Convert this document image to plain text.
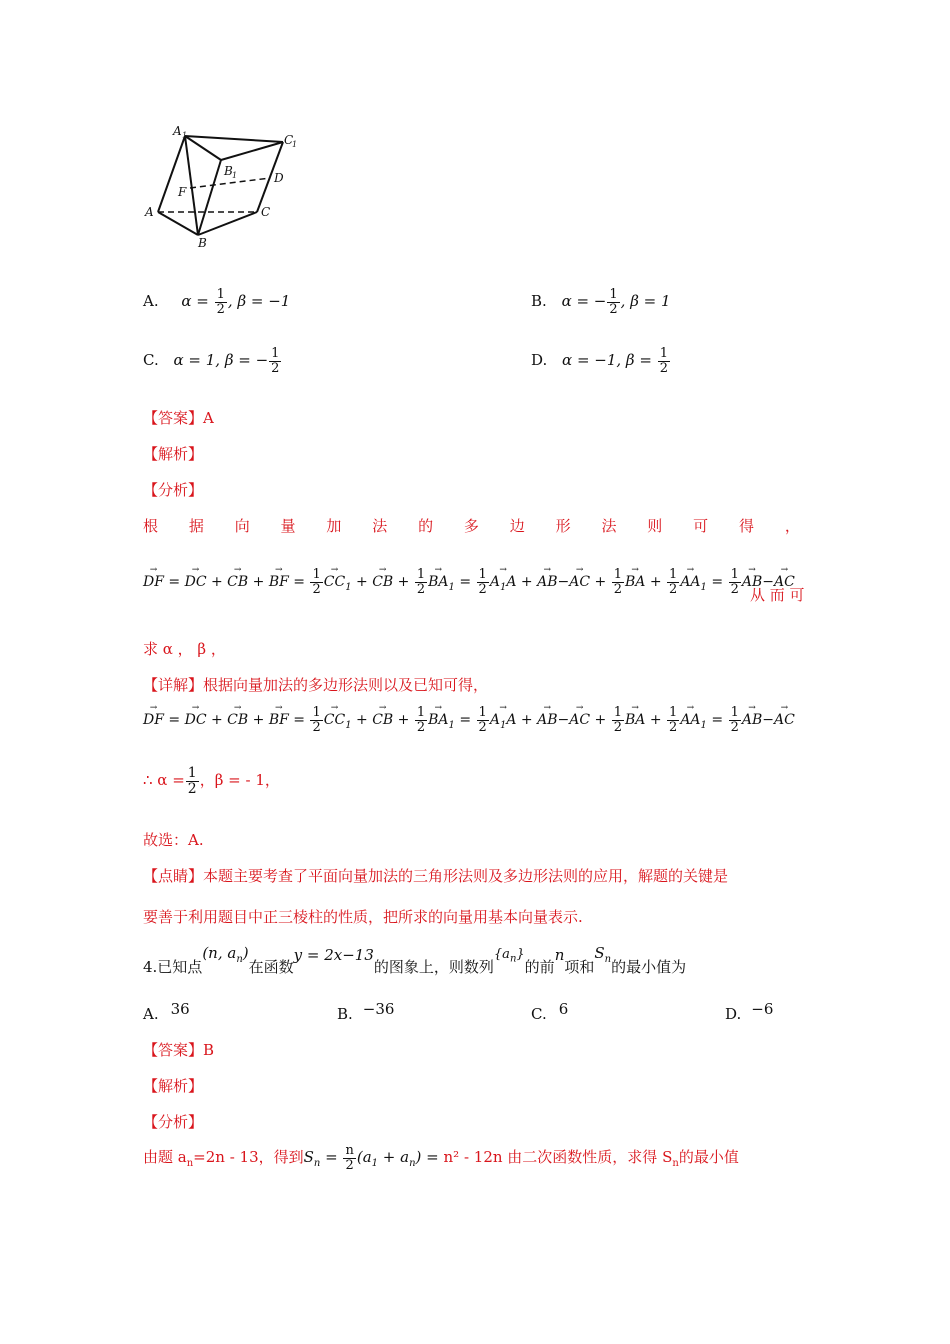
A 1	C
1
B 1	D
F
A	C
B
A. $\alpha = \frac{1}{2}$ , β = −1	B. α = − $\frac{1}{2}$ , β = 1
C. α = 1, β = − $\frac{1}{2}$	D. α = −1, $\beta = \frac{1}{2}$
【答案】A
【解析】
【分析】
根 据 向 量 加 法 的 多 边 形 法 则 可 得 ，
→ DF = → DC + → CB + → BF = $\frac{1}{2}$
→ $CC_1$ + → CB + $\frac{1}{2}$
→ $BA_1 = \frac{1}{2}$
→ $A_1A$ + → AB−→ AC + $\frac{1}{2}$
→ BA + $\frac{1}{2}$
→ $AA_1 = \frac{1}{2}$
→ AB−→ AC
从 而 可
求 α ， β ，
【详解】根据向量加法的多边形法则以及已知可得，
→ DF = → DC + → CB + → BF = $\frac{1}{2}$
→ $CC_1$ + → CB + $\frac{1}{2}$
→ $BA_1 = \frac{1}{2}$
→ $A_1A$ + → AB−→ AC + $\frac{1}{2}$
→ BA + $\frac{1}{2}$
→ $AA_1 = \frac{1}{2}$
→ AB−→ AC
∴ $\alpha = \frac{1}{2}$ ，β = - 1，
故选：A.
【点睛】本题主要考查了平面向量加法的三角形法则及多边形法则的应用，解题的关键是
要善于利用题目中正三棱柱的性质，把所求的向量用基本向量表示.
4.已知点(n, $a_n$)在函数y = 2x−13的图象上，则数列$\{a_n\}$的前n项和$S_n$的最小值为
A. 36	B. −36	C. 6	D. −6
【答案】B
【解析】
【分析】
由题 $a_n=2n - 13$，得到$S_n = \frac{n}{2} (a_1 + a_n) = n^2 - 12n$ 由二次函数性质，求得 $S_n$的最小值
